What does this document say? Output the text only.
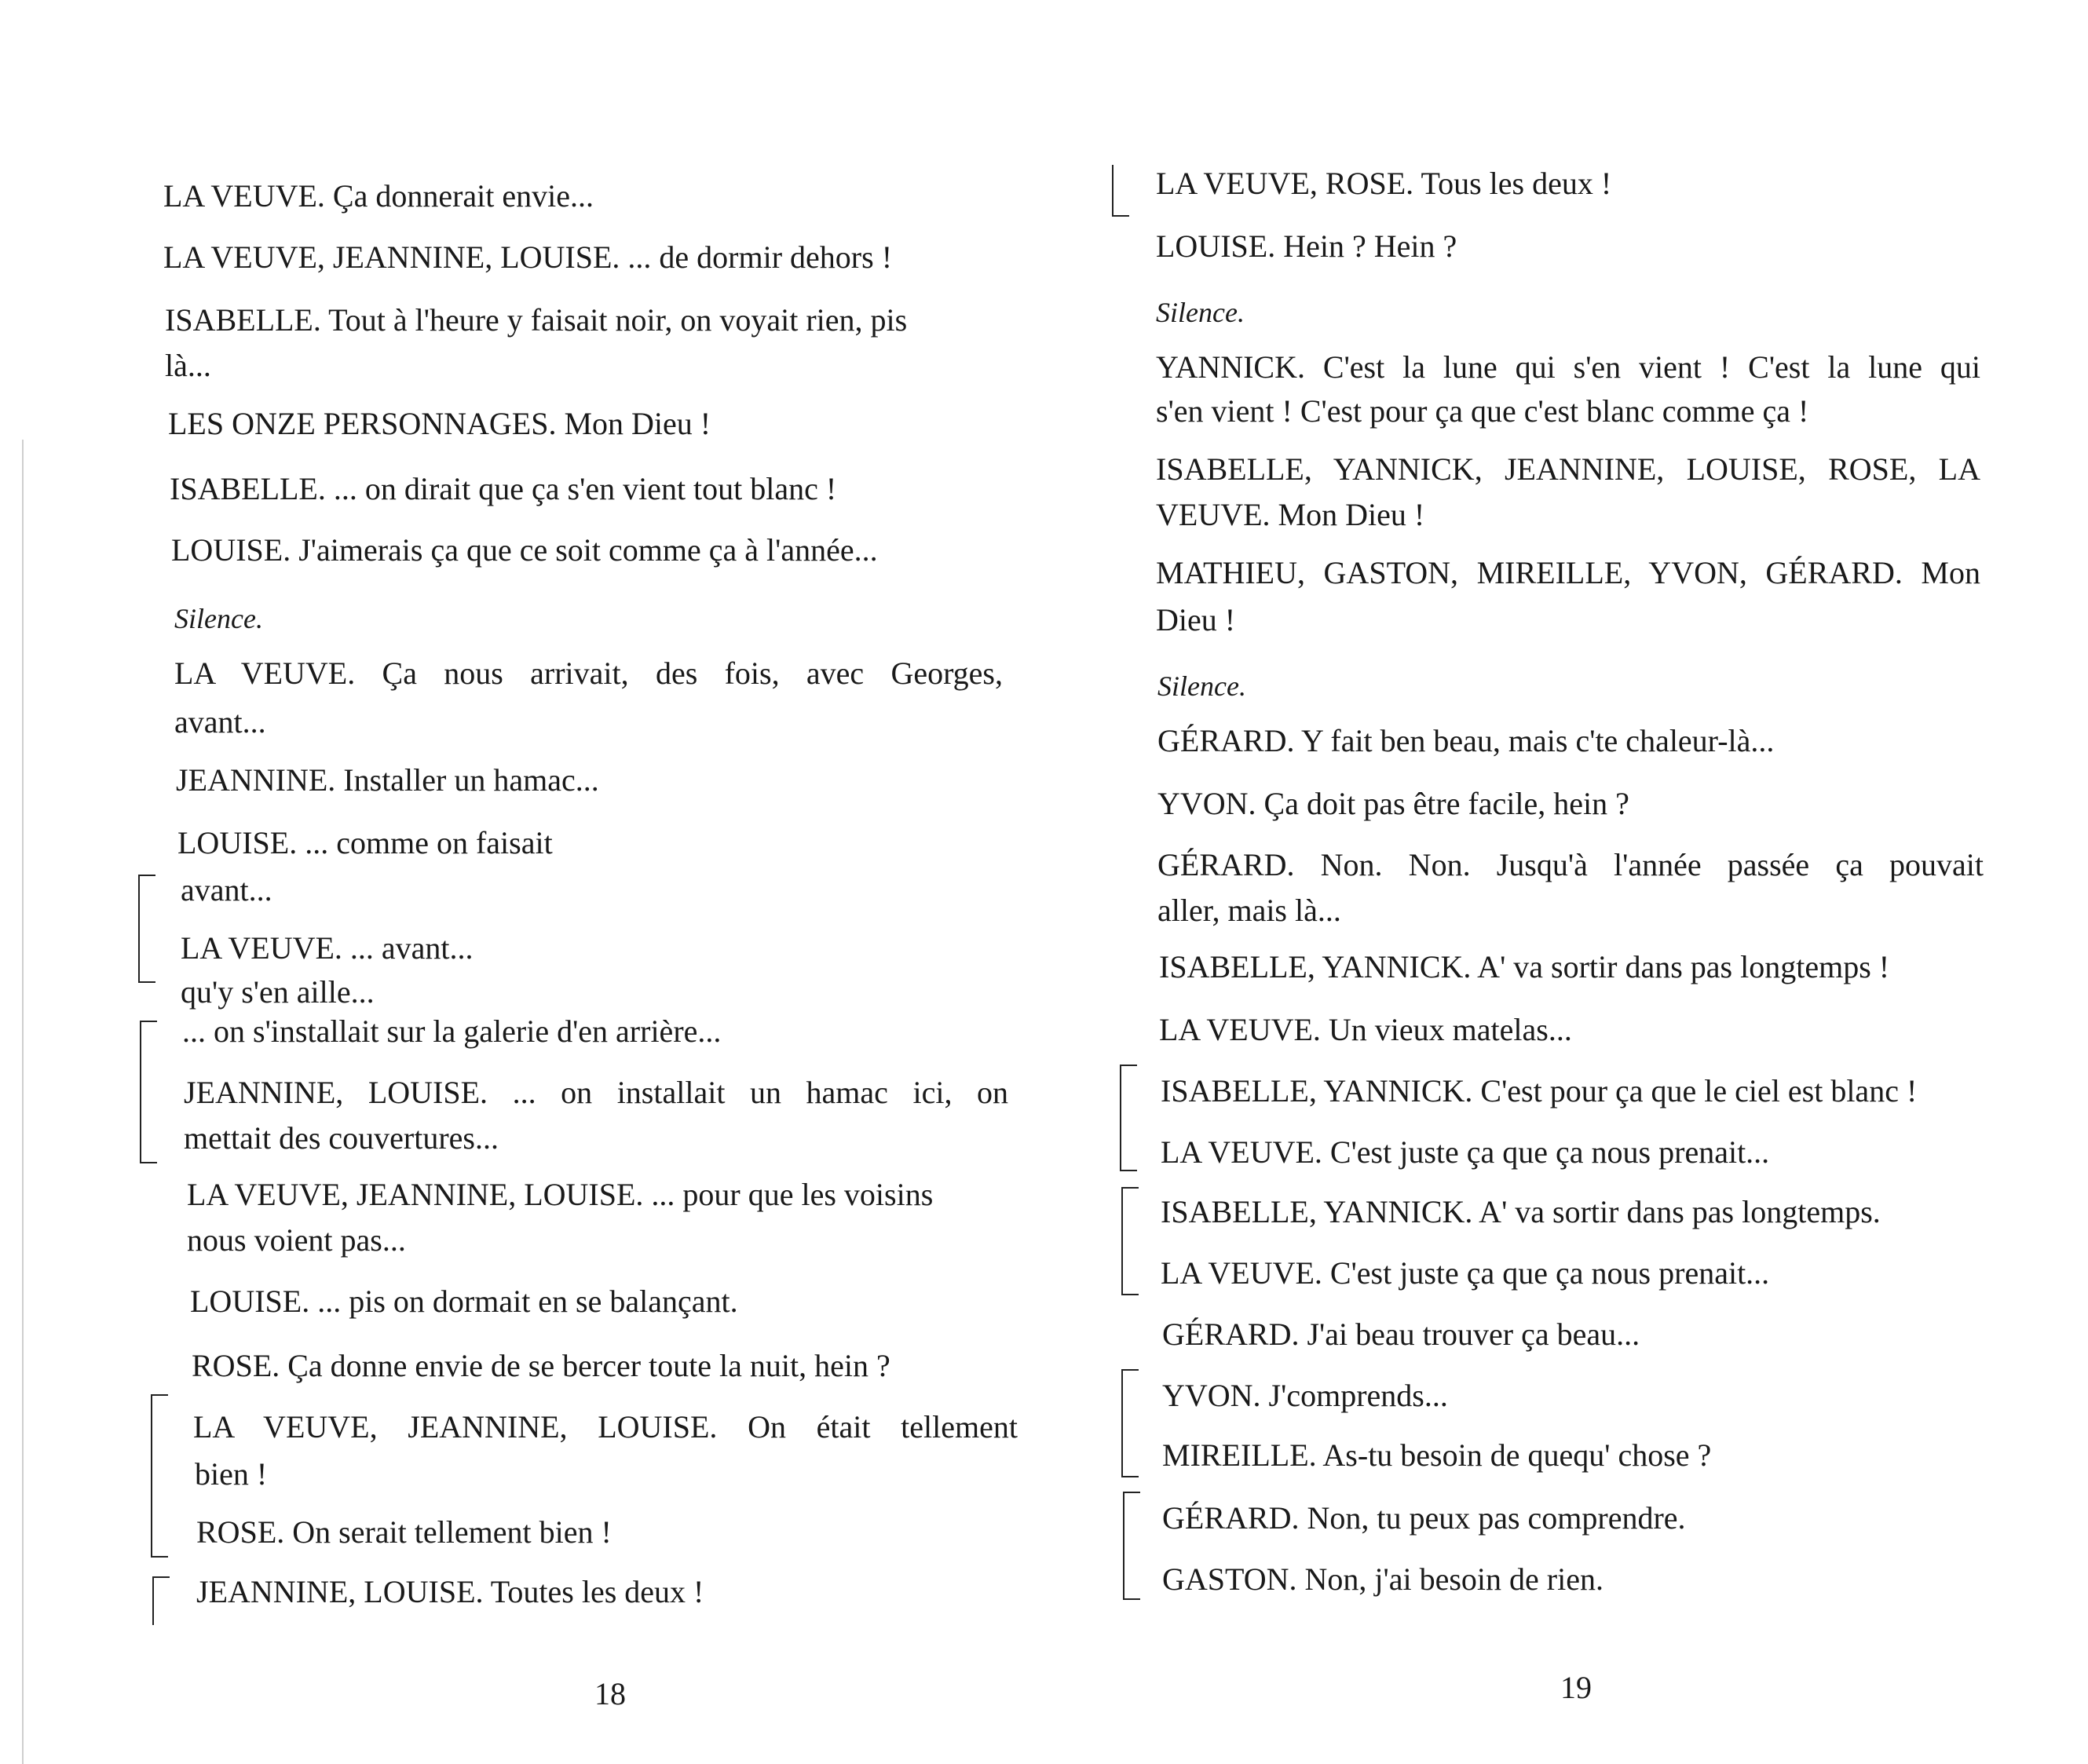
LA VEUVE. Ça donnerait envie...
LA VEUVE, JEANNINE, LOUISE. ... de dormir dehors !
ISABELLE. Tout à l'heure y faisait noir, on voyait rien, pis
là...
LES ONZE PERSONNAGES. Mon Dieu !
ISABELLE. ... on dirait que ça s'en vient tout blanc !
LOUISE. J'aimerais ça que ce soit comme ça à l'année...
Silence.
LA VEUVE. Ça nous arrivait, des fois, avec Georges,
avant...
JEANNINE. Installer un hamac...
LOUISE. ... comme on faisait
avant...
LA VEUVE. ... avant...
qu'y s'en aille...
... on s'installait sur la galerie d'en arrière...
JEANNINE, LOUISE. ... on installait un hamac ici, on
mettait des couvertures...
LA VEUVE, JEANNINE, LOUISE. ... pour que les voisins
nous voient pas...
LOUISE. ... pis on dormait en se balançant.
ROSE. Ça donne envie de se bercer toute la nuit, hein ?
LA VEUVE, JEANNINE, LOUISE. On était tellement
bien !
ROSE. On serait tellement bien !
JEANNINE, LOUISE. Toutes les deux !
18
LA VEUVE, ROSE. Tous les deux !
LOUISE. Hein ? Hein ?
Silence.
YANNICK. C'est la lune qui s'en vient ! C'est la lune qui
s'en vient ! C'est pour ça que c'est blanc comme ça !
ISABELLE, YANNICK, JEANNINE, LOUISE, ROSE, LA
VEUVE. Mon Dieu !
MATHIEU, GASTON, MIREILLE, YVON, GÉRARD. Mon
Dieu !
Silence.
GÉRARD. Y fait ben beau, mais c'te chaleur-là...
YVON. Ça doit pas être facile, hein ?
GÉRARD. Non. Non. Jusqu'à l'année passée ça pouvait
aller, mais là...
ISABELLE, YANNICK. A' va sortir dans pas longtemps !
LA VEUVE. Un vieux matelas...
ISABELLE, YANNICK. C'est pour ça que le ciel est blanc !
LA VEUVE. C'est juste ça que ça nous prenait...
ISABELLE, YANNICK. A' va sortir dans pas longtemps.
LA VEUVE. C'est juste ça que ça nous prenait...
GÉRARD. J'ai beau trouver ça beau...
YVON. J'comprends...
MIREILLE. As-tu besoin de quequ' chose ?
GÉRARD. Non, tu peux pas comprendre.
GASTON. Non, j'ai besoin de rien.
19
